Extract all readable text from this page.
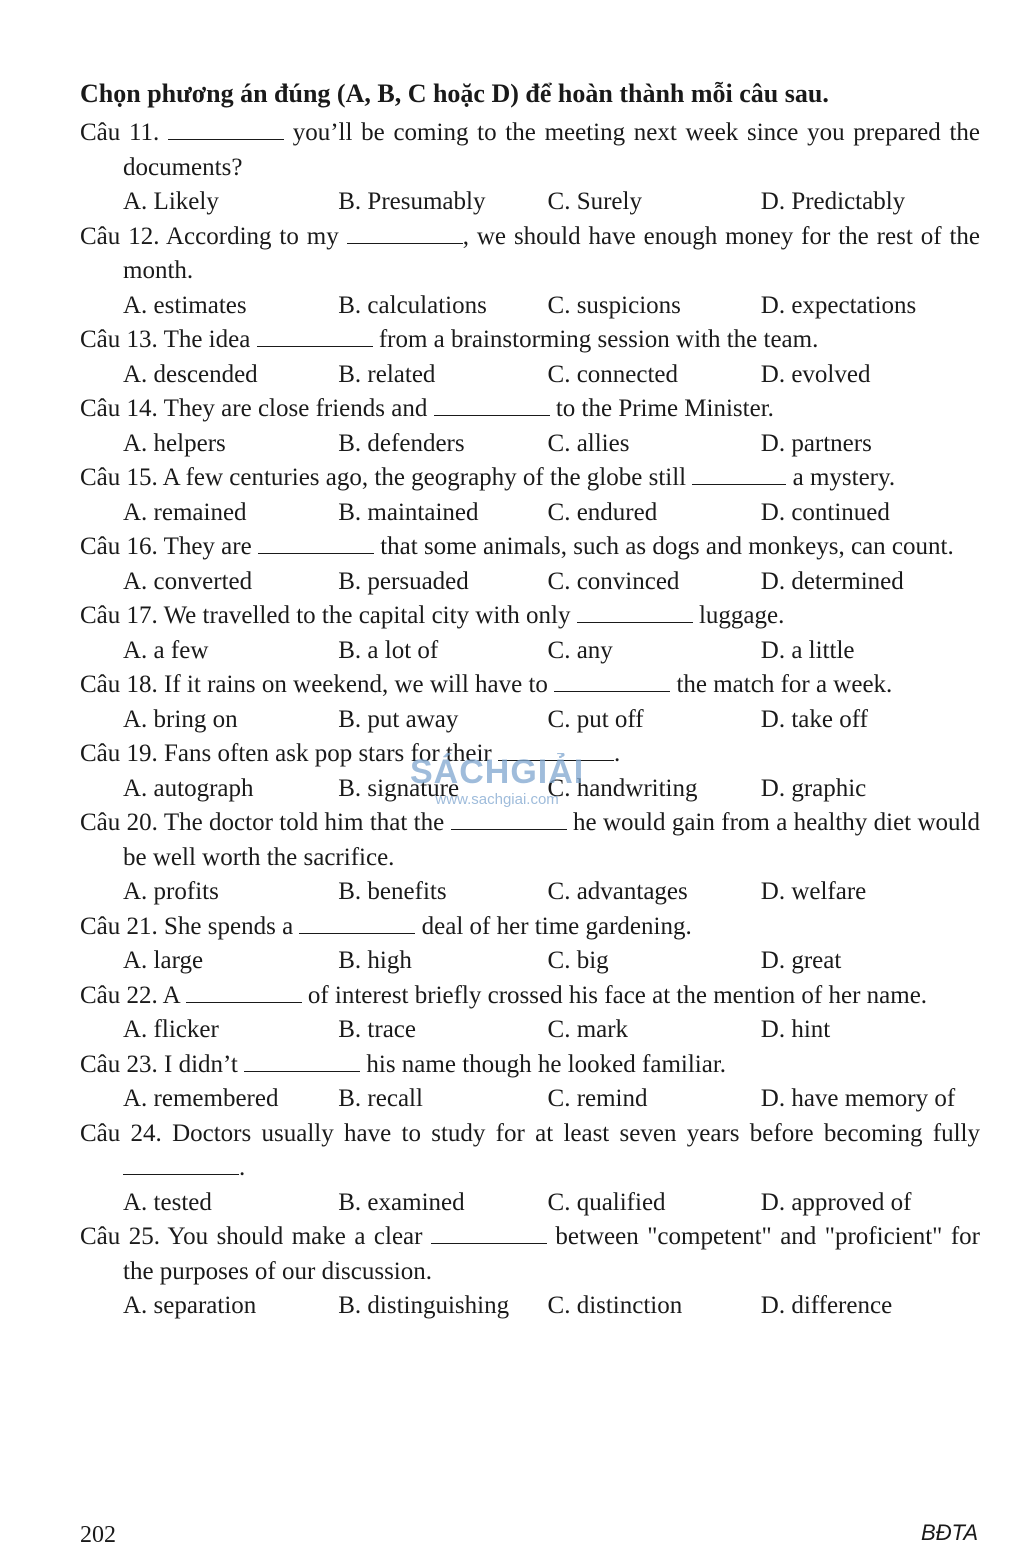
Chọn phương án đúng (A, B, C hoặc D) để hoàn thành mỗi câu sau.
Câu 11.	you’ll be coming to the meeting next week since you prepared the documents?
A. Likely	B. Presumably	C. Surely	D. Predictably
Câu 12. According to my	, we should have enough money for the rest of the month.
A. estimates	B. calculations	C. suspicions	D. expectations
Câu 13. The idea	from a brainstorming session with the team.
A. descended	B. related	C. connected	D. evolved
Câu 14. They are close friends and	to the Prime Minister.
A. helpers	B. defenders	C. allies	D. partners
Câu 15. A few centuries ago, the geography of the globe still	a mystery.
A. remained	B. maintained	C. endured	D. continued
Câu 16. They are	that some animals, such as dogs and monkeys, can count.
A. converted	B. persuaded	C. convinced	D. determined
Câu 17. We travelled to the capital city with only	luggage.
A. a few	B. a lot of	C. any	D. a little
Câu 18. If it rains on weekend, we will have to	the match for a week.
A. bring on	B. put away	C. put off	D. take off
Câu 19. Fans often ask pop stars for their	.
A. autograph	B. signature	C. handwriting	D. graphic
Câu 20. The doctor told him that the	he would gain from a healthy diet would be well worth the sacrifice.
A. profits	B. benefits	C. advantages	D. welfare
Câu 21. She spends a	deal of her time gardening.
A. large	B. high	C. big	D. great
Câu 22. A	of interest briefly crossed his face at the mention of her name.
A. flicker	B. trace	C. mark	D. hint
Câu 23. I didn’t	his name though he looked familiar.
A. remembered	B. recall	C. remind	D. have memory of
Câu 24. Doctors usually have to study for at least seven years before becoming fully .
A. tested	B. examined	C. qualified	D. approved of
Câu 25. You should make a clear	between "competent" and "proficient" for the purposes of our discussion.
A. separation	B. distinguishing	C. distinction	D. difference
SÁCHGIẢI
www.sachgiai.com
202	BĐTA
